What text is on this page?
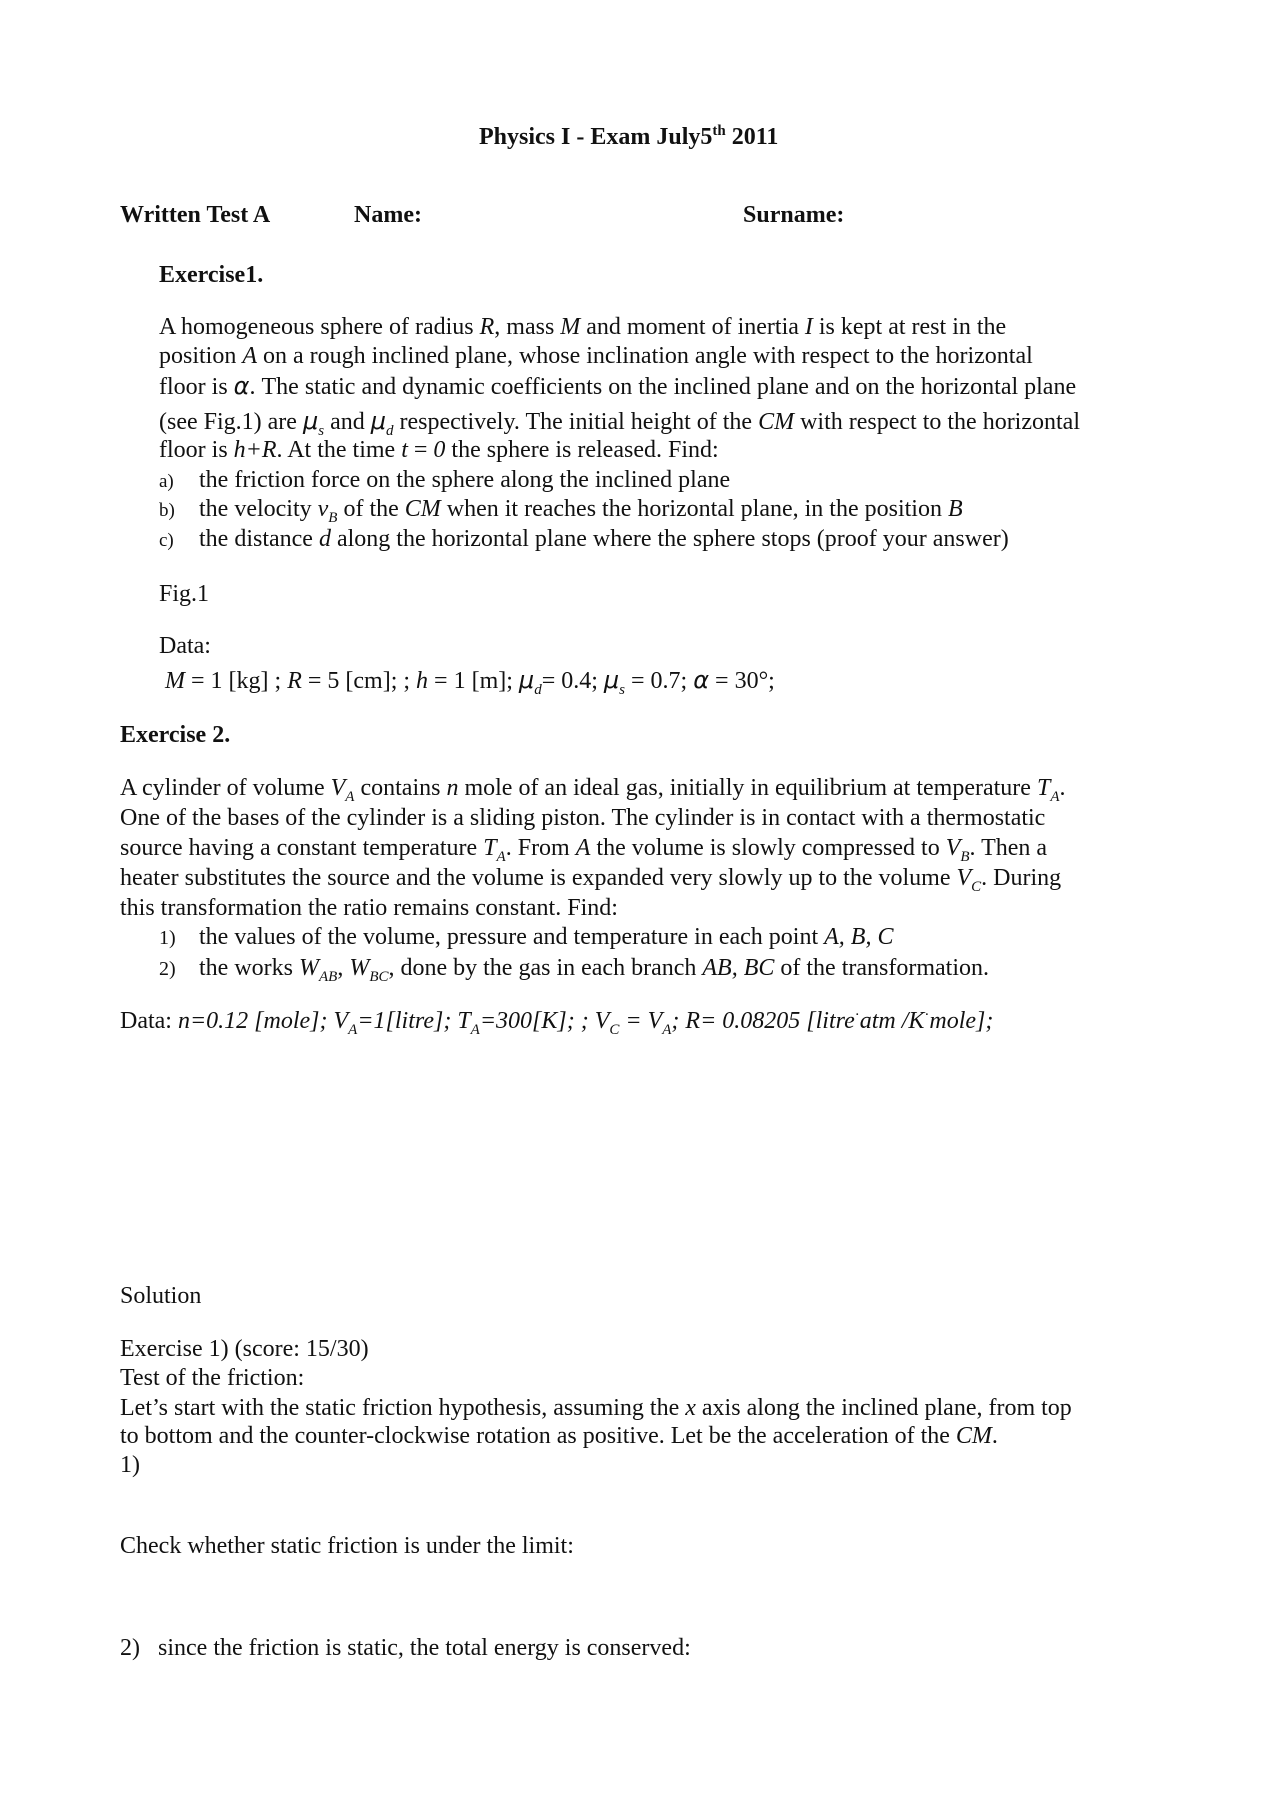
Physics I - Exam July5th 2011
Written Test A	Name:	Surname:
Exercise1.
A homogeneous sphere of radius R, mass M and moment of inertia I is kept at rest in the
position A on a rough inclined plane, whose inclination angle with respect to the horizontal
floor is α. The static and dynamic coefficients on the inclined plane and on the horizontal plane
(see Fig.1) are $\mu_s$ and $\mu_d$ respectively. The initial height of the CM with respect to the horizontal
floor is h+R. At the time t = 0 the sphere is released. Find:
a) the friction force on the sphere along the inclined plane
b) the velocity $v_B$ of the CM when it reaches the horizontal plane, in the position B
c) the distance d along the horizontal plane where the sphere stops (proof your answer)
Fig.1
Data:
M = 1 [kg] ; R = 5 [cm]; ; h = 1 [m]; $\mu_d= 0.4$; $\mu_s = 0.7$; α = 30°;
Exercise 2.
A cylinder of volume $V_A$ contains n mole of an ideal gas, initially in equilibrium at temperature $T_A$.
One of the bases of the cylinder is a sliding piston. The cylinder is in contact with a thermostatic
source having a constant temperature $T_A$. From A the volume is slowly compressed to $V_B$. Then a
heater substitutes the source and the volume is expanded very slowly up to the volume $V_C$. During
this transformation the ratio remains constant. Find:
1) the values of the volume, pressure and temperature in each point A, B, C
2) the works $W_{AB}$, $W_{BC}$, done by the gas in each branch AB, BC of the transformation.
Data: n=0.12 [mole]; $V_A=1[litre]$; $T_A=300[K]$; ; $V_C = V_A$; R= 0.08205 [litre·atm /K·mole];
Solution
Exercise 1) (score: 15/30)
Test of the friction:
Let’s start with the static friction hypothesis, assuming the x axis along the inclined plane, from top
to bottom and the counter-clockwise rotation as positive. Let be the acceleration of the CM.
1)
Check whether static friction is under the limit:
2) since the friction is static, the total energy is conserved:
